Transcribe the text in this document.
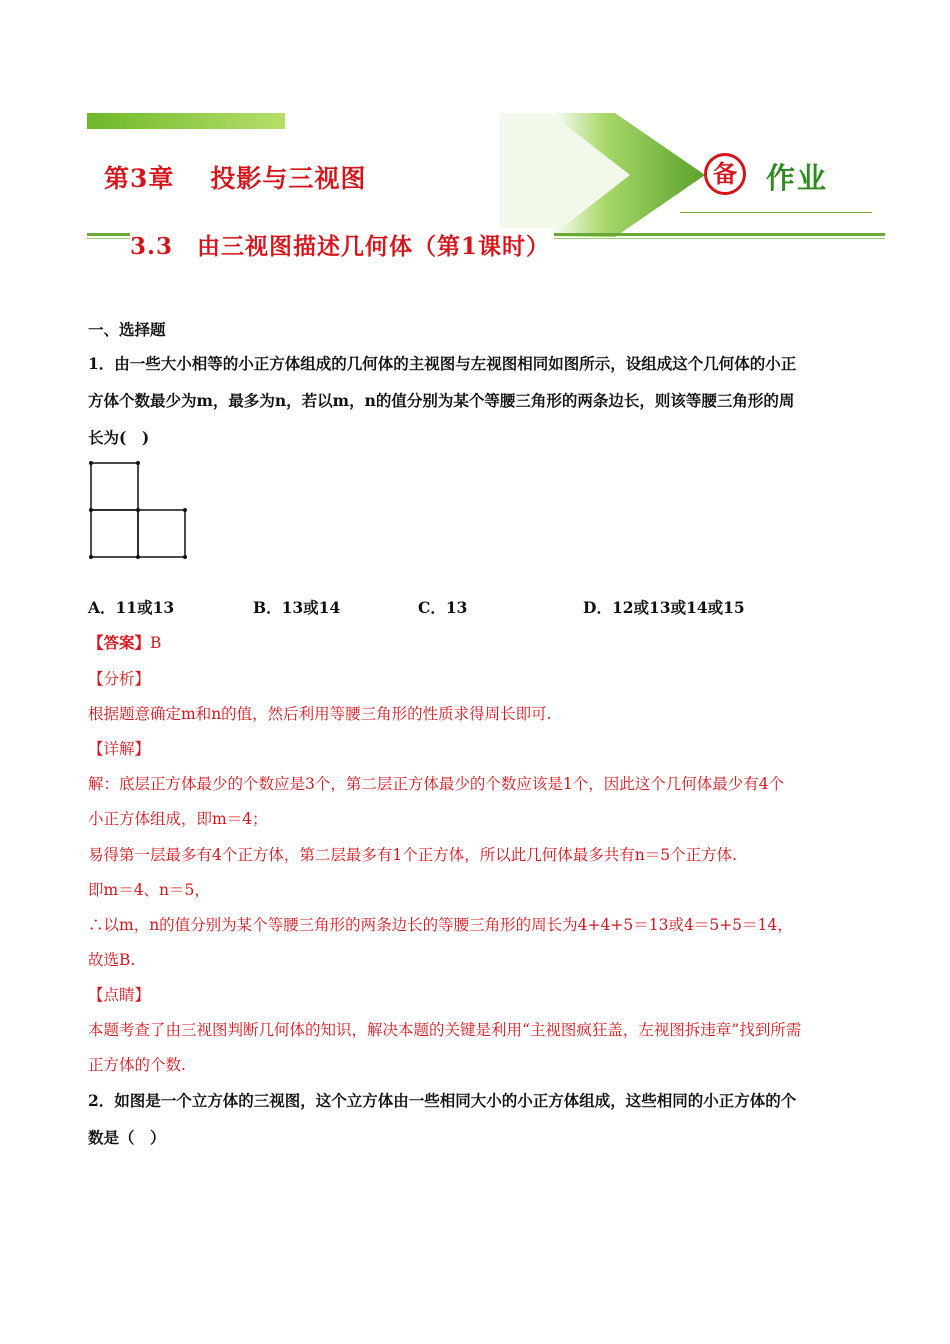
第3章 投影与三视图
3.3　由三视图描述几何体（第1课时）
备	作业
一、选择题
1．由一些大小相等的小正方体组成的几何体的主视图与左视图相同如图所示，设组成这个几何体的小正
方体个数最少为m，最多为n，若以m，n的值分别为某个等腰三角形的两条边长，则该等腰三角形的周
长为(　)
A．11或13	B．13或14	C．13	D．12或13或14或15
【答案】B
【分析】
根据题意确定m和n的值，然后利用等腰三角形的性质求得周长即可.
【详解】
解：底层正方体最少的个数应是3个，第二层正方体最少的个数应该是1个，因此这个几何体最少有4个
小正方体组成，即m＝4；
易得第一层最多有4个正方体，第二层最多有1个正方体，所以此几何体最多共有n＝5个正方体.
即m＝4、n＝5，
∴以m，n的值分别为某个等腰三角形的两条边长的等腰三角形的周长为4+4+5＝13或4＝5+5＝14，
故选B.
【点睛】
本题考查了由三视图判断几何体的知识，解决本题的关键是利用“主视图疯狂盖，左视图拆违章”找到所需
正方体的个数.
2．如图是一个立方体的三视图，这个立方体由一些相同大小的小正方体组成，这些相同的小正方体的个
数是（　）
